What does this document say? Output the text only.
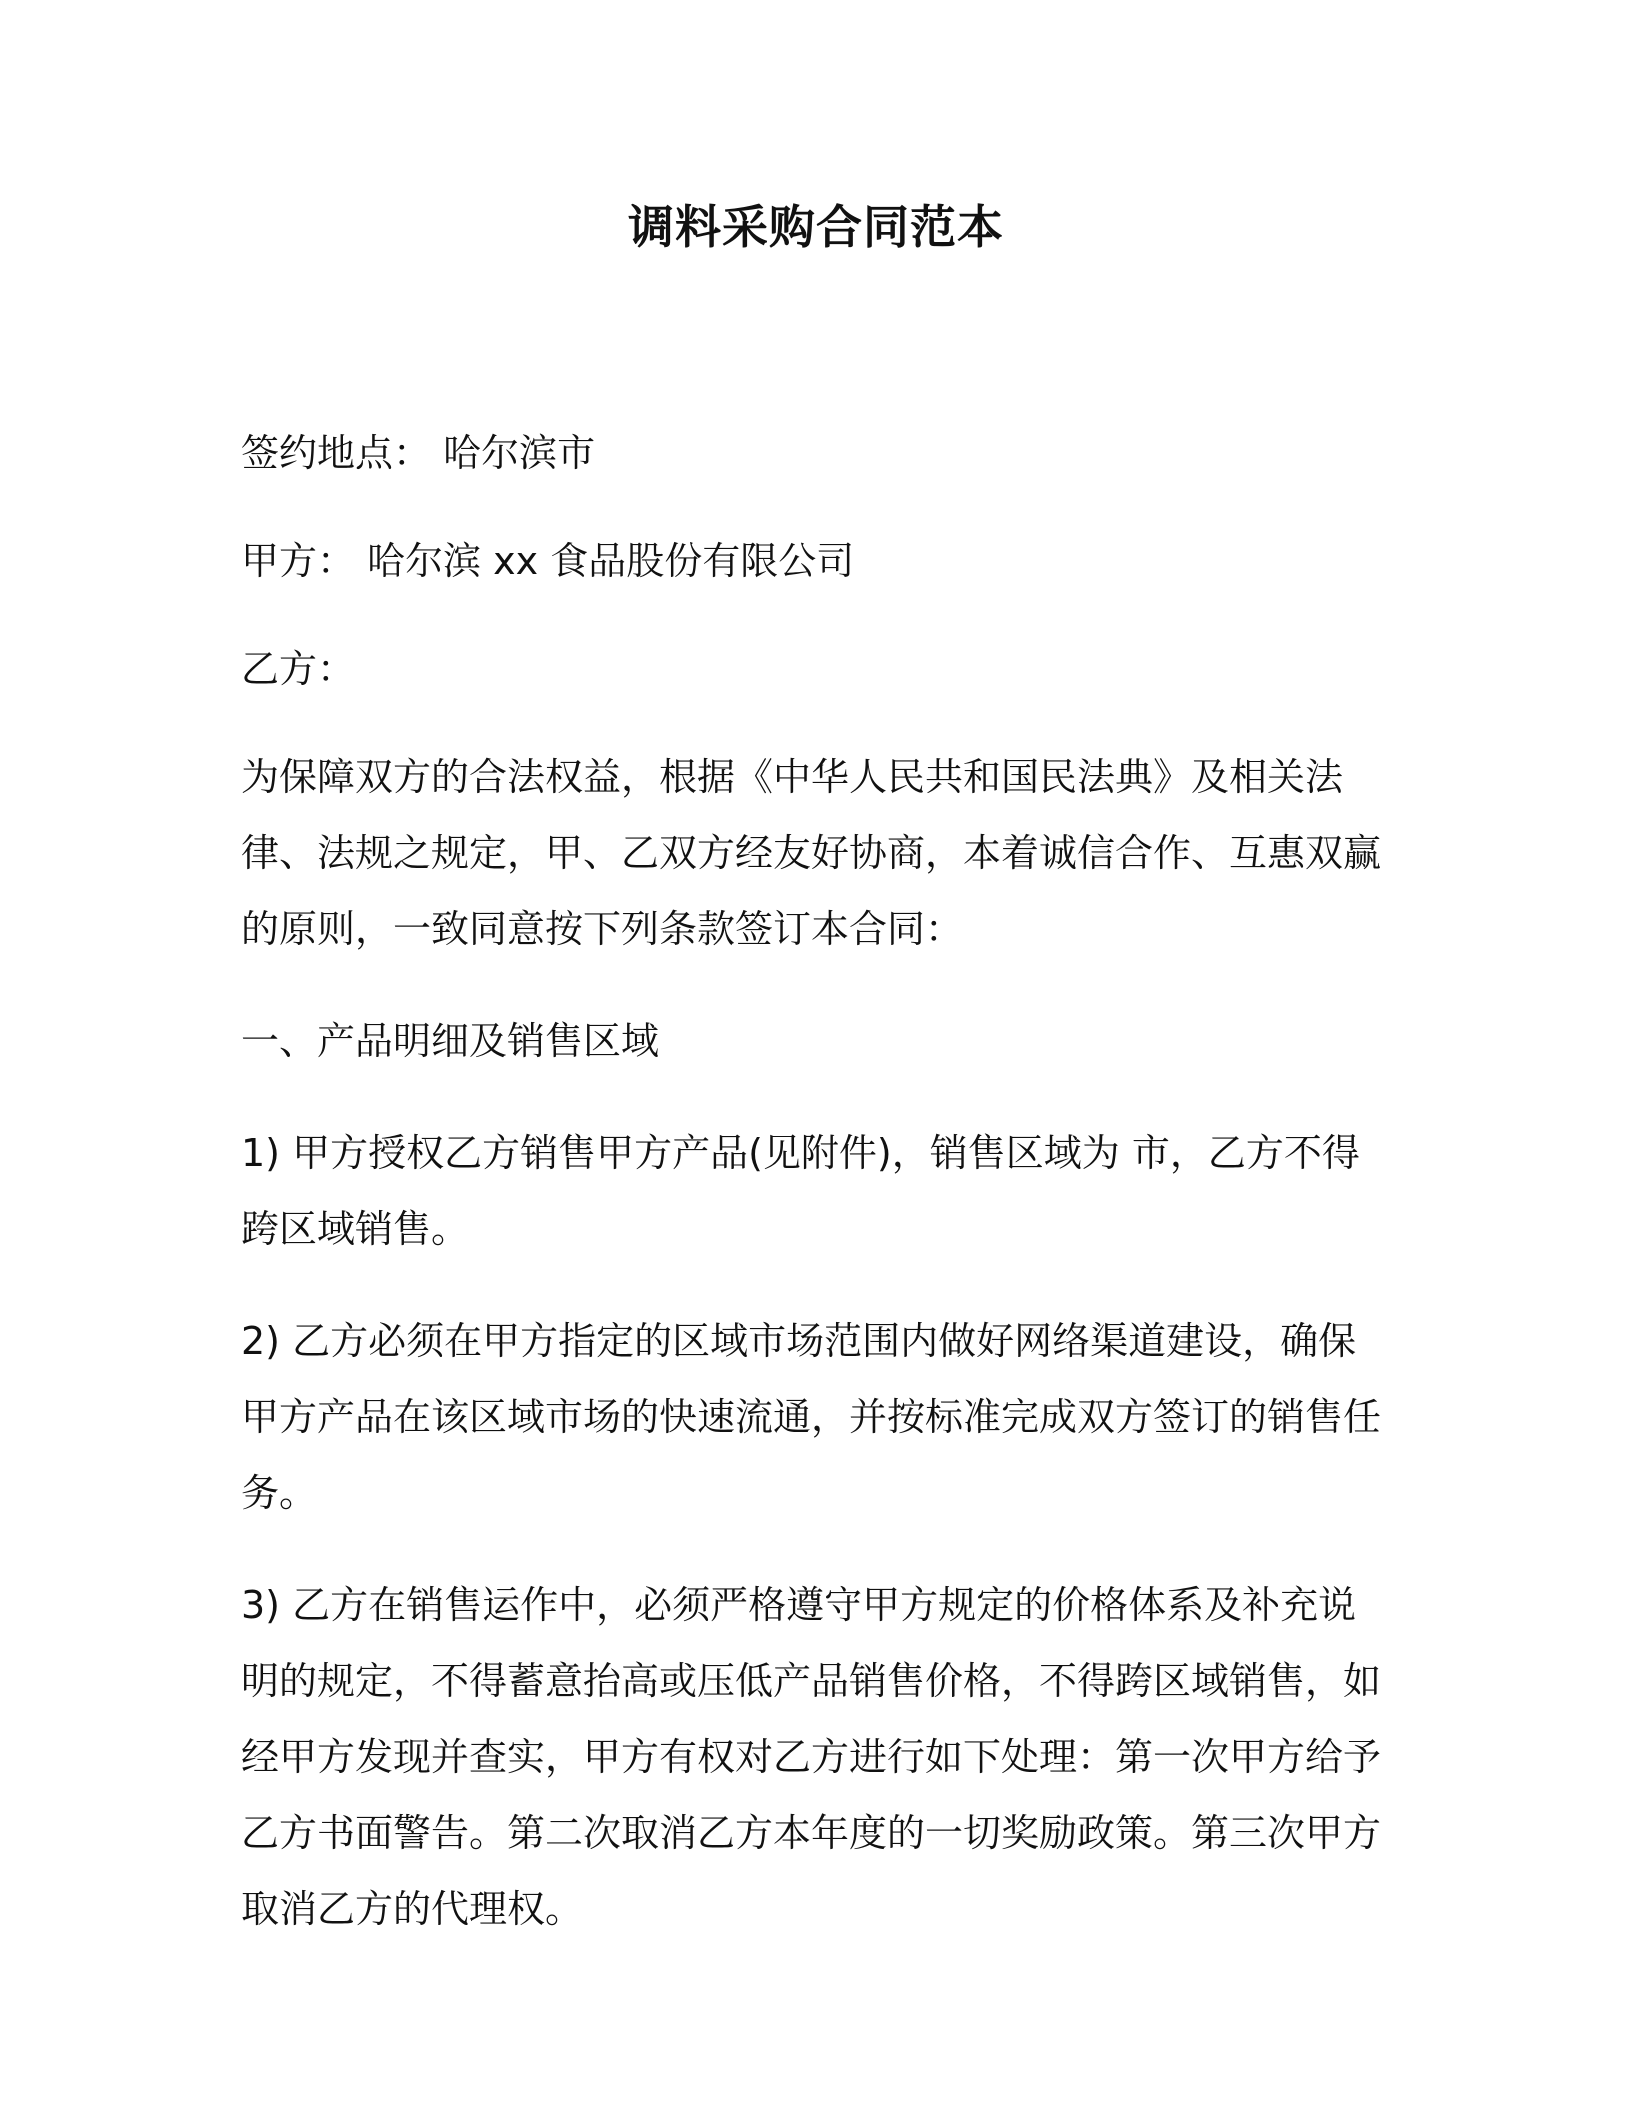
调料采购合同范本

签约地点： 哈尔滨市

甲方： 哈尔滨 xx 食品股份有限公司

乙方：

为保障双方的合法权益，根据《中华人民共和国民法典》及相关法律、法规之规定，甲、乙双方经友好协商，本着诚信合作、互惠双赢的原则，一致同意按下列条款签订本合同：

一、产品明细及销售区域

1) 甲方授权乙方销售甲方产品(见附件)，销售区域为 市，乙方不得跨区域销售。

2) 乙方必须在甲方指定的区域市场范围内做好网络渠道建设，确保甲方产品在该区域市场的快速流通，并按标准完成双方签订的销售任务。

3) 乙方在销售运作中，必须严格遵守甲方规定的价格体系及补充说明的规定，不得蓄意抬高或压低产品销售价格，不得跨区域销售，如经甲方发现并查实，甲方有权对乙方进行如下处理：第一次甲方给予乙方书面警告。第二次取消乙方本年度的一切奖励政策。第三次甲方取消乙方的代理权。
